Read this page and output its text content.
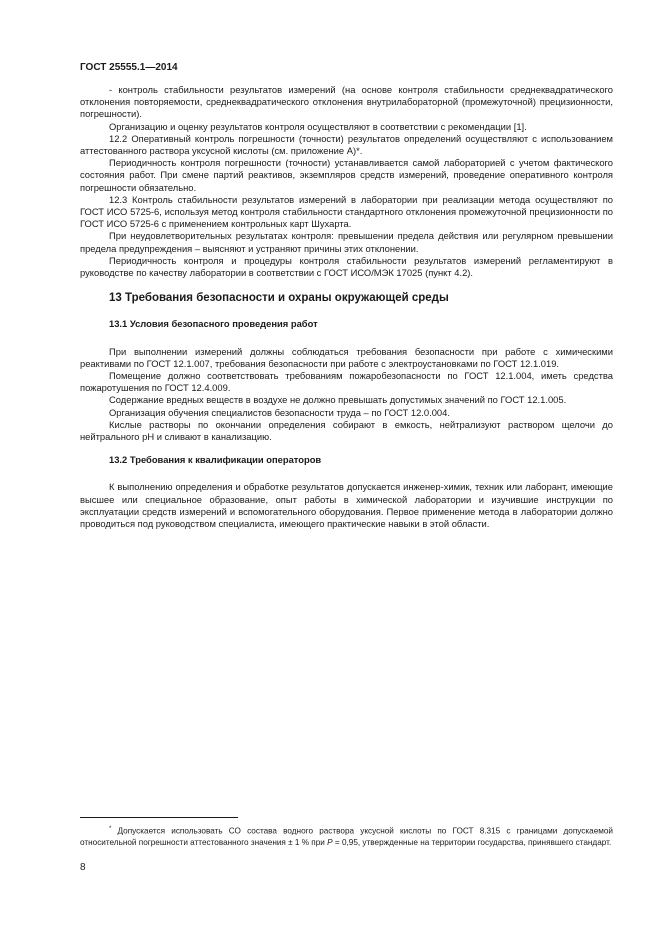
ГОСТ 25555.1—2014

- контроль стабильности результатов измерений (на основе контроля стабильности среднеквадратического отклонения повторяемости, среднеквадратического отклонения внутрилабораторной (промежуточной) прецизионности, погрешности).

Организацию и оценку результатов контроля осуществляют в соответствии с рекомендации [1].

12.2 Оперативный контроль погрешности (точности) результатов определений осуществляют с использованием аттестованного раствора уксусной кислоты (см. приложение А)*.

Периодичность контроля погрешности (точности) устанавливается самой лабораторией с учетом фактического состояния работ. При смене партий реактивов, экземпляров средств измерений, проведение оперативного контроля погрешности обязательно.

12.3 Контроль стабильности результатов измерений в лаборатории при реализации метода осуществляют по ГОСТ ИСО 5725-6, используя метод контроля стабильности стандартного отклонения промежуточной прецизионности по ГОСТ ИСО 5725-6 с применением контрольных карт Шухарта.

При неудовлетворительных результатах контроля: превышении предела действия или регулярном превышении предела предупреждения – выясняют и устраняют причины этих отклонении.

Периодичность контроля и процедуры контроля стабильности результатов измерений регламентируют в руководстве по качеству лаборатории в соответствии с ГОСТ ИСО/МЭК 17025 (пункт 4.2).

13 Требования безопасности и охраны окружающей среды
13.1 Условия безопасного проведения работ

При выполнении измерений должны соблюдаться требования безопасности при работе с химическими реактивами по ГОСТ 12.1.007, требования безопасности при работе с электроустановками по ГОСТ 12.1.019.

Помещение должно соответствовать требованиям пожаробезопасности по ГОСТ 12.1.004, иметь средства пожаротушения по ГОСТ 12.4.009.

Содержание вредных веществ в воздухе не должно превышать допустимых значений по ГОСТ 12.1.005.

Организация обучения специалистов безопасности труда – по ГОСТ 12.0.004.

Кислые растворы по окончании определения собирают в емкость, нейтрализуют раствором щелочи до нейтрального рН и сливают в канализацию.

13.2 Требования к квалификации операторов

К выполнению определения и обработке результатов допускается инженер-химик, техник или лаборант, имеющие высшее или специальное образование, опыт работы в химической лаборатории и изучившие инструкции по эксплуатации средств измерений и вспомогательного оборудования. Первое применение метода в лаборатории должно проводиться под руководством специалиста, имеющего практические навыки в этой области.

* Допускается использовать СО состава водного раствора уксусной кислоты по ГОСТ 8.315 с границами допускаемой относительной погрешности аттестованного значения ± 1 % при P = 0,95, утвержденные на территории государства, принявшего стандарт.

8
